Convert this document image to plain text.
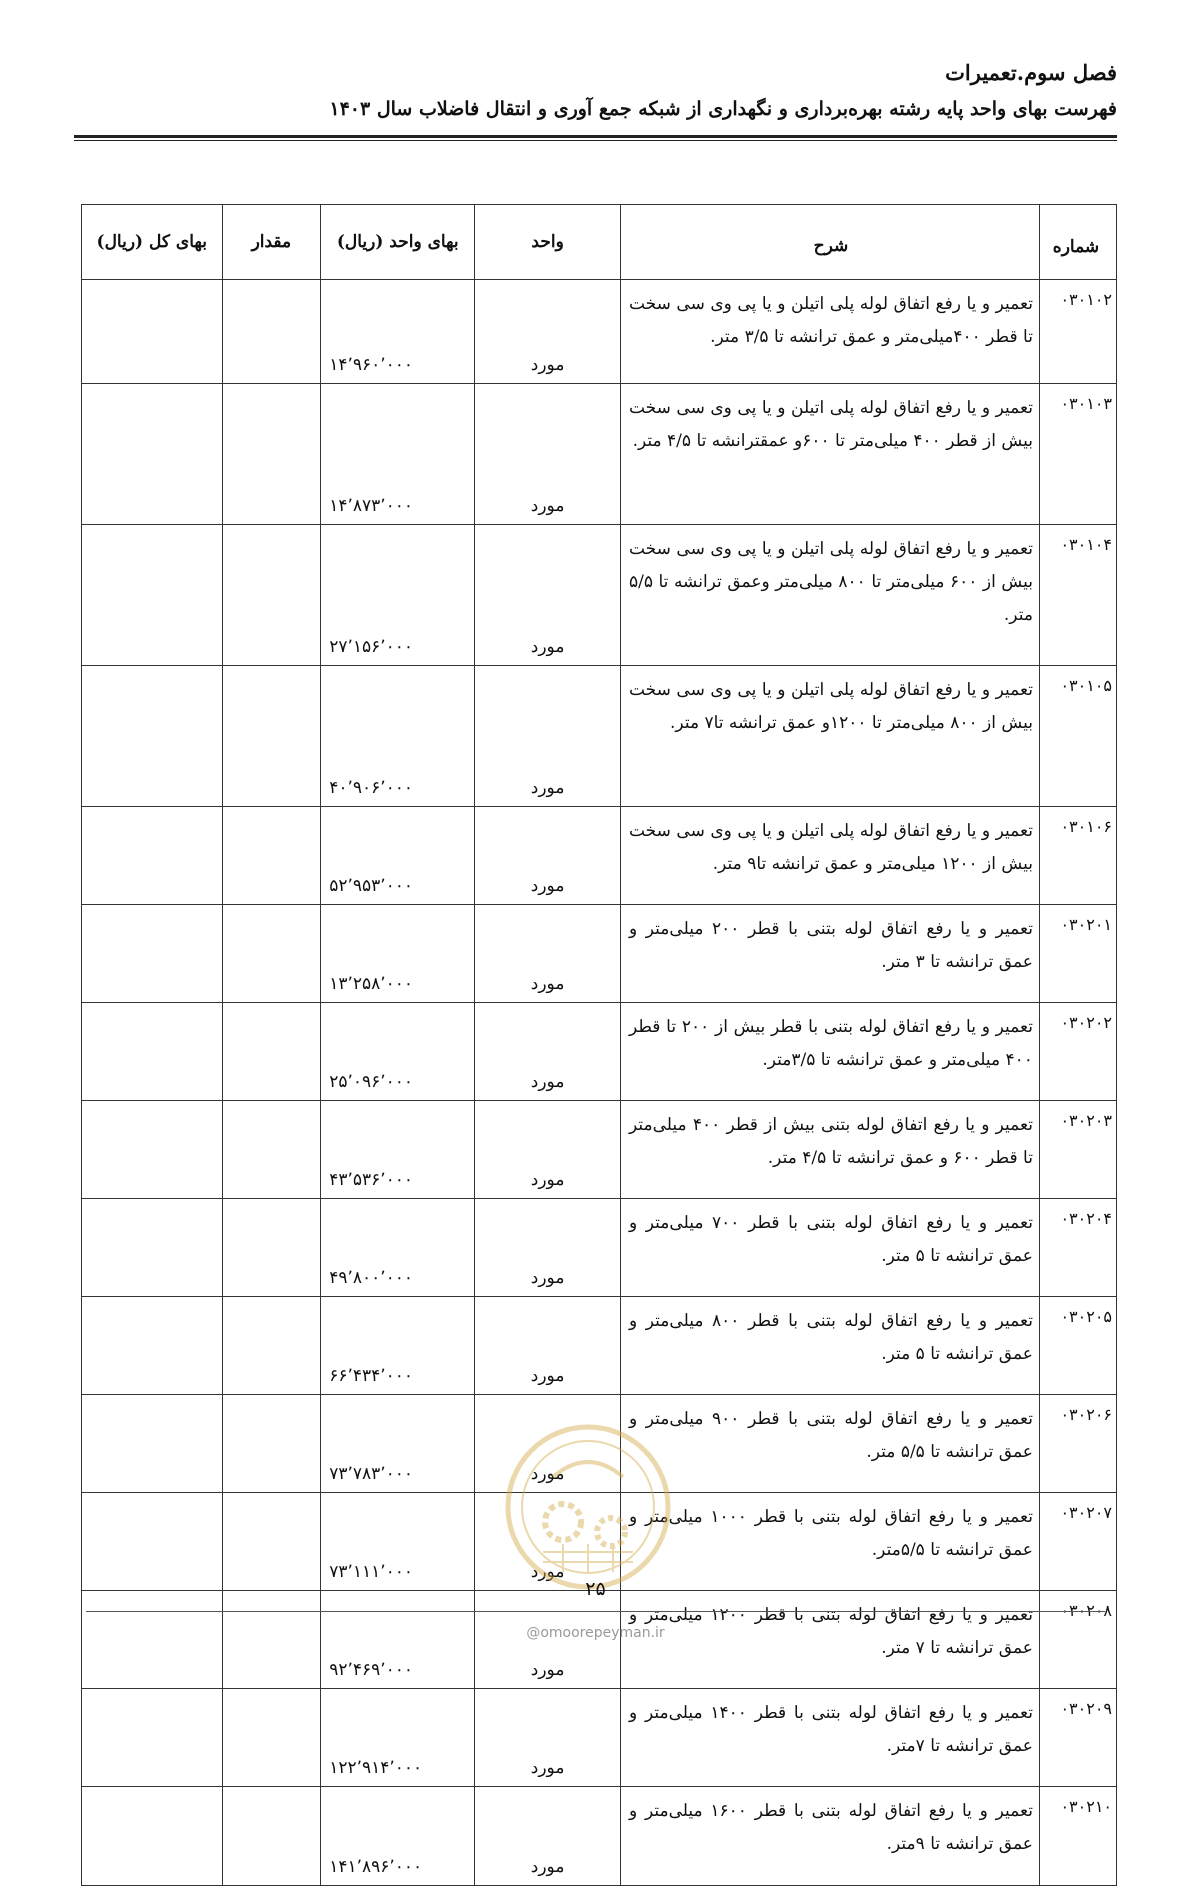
فصل سوم.تعمیرات
فهرست بهای واحد پایه رشته بهره‌برداری و نگهداری از شبکه جمع آوری و انتقال فاضلاب سال ۱۴۰۳
شماره	شرح	واحد	بهای واحد (ریال)	مقدار	بهای کل (ریال)
۰۳۰۱۰۲	تعمیر و یا رفع اتفاق لوله پلی اتیلن و یا پی وی سی سخت تا قطر ۴۰۰میلی‌متر و عمق ترانشه تا ۳/۵ متر.	مورد	۱۴٬۹۶۰٬۰۰۰		
۰۳۰۱۰۳	تعمیر و یا رفع اتفاق لوله پلی اتیلن و یا پی وی سی سخت بیش از قطر ۴۰۰ میلی‌متر تا ۶۰۰و عمقترانشه تا ۴/۵ متر.	مورد	۱۴٬۸۷۳٬۰۰۰		
۰۳۰۱۰۴	تعمیر و یا رفع اتفاق لوله پلی اتیلن و یا پی وی سی سخت بیش از ۶۰۰ میلی‌متر تا ۸۰۰ میلی‌متر وعمق ترانشه تا ۵/۵ متر.	مورد	۲۷٬۱۵۶٬۰۰۰		
۰۳۰۱۰۵	تعمیر و یا رفع اتفاق لوله پلی اتیلن و یا پی وی سی سخت بیش از ۸۰۰ میلی‌متر تا ۱۲۰۰و عمق ترانشه تا۷ متر.	مورد	۴۰٬۹۰۶٬۰۰۰		
۰۳۰۱۰۶	تعمیر و یا رفع اتفاق لوله پلی اتیلن و یا پی وی سی سخت بیش از ۱۲۰۰ میلی‌متر و عمق ترانشه تا۹ متر.	مورد	۵۲٬۹۵۳٬۰۰۰		
۰۳۰۲۰۱	تعمیر و یا رفع اتفاق لوله بتنی با قطر ۲۰۰ میلی‌متر و عمق ترانشه تا ۳ متر.	مورد	۱۳٬۲۵۸٬۰۰۰		
۰۳۰۲۰۲	تعمیر و یا رفع اتفاق لوله بتنی با قطر بیش از ۲۰۰ تا قطر ۴۰۰ میلی‌متر و عمق ترانشه تا ۳/۵متر.	مورد	۲۵٬۰۹۶٬۰۰۰		
۰۳۰۲۰۳	تعمیر و یا رفع اتفاق لوله بتنی بیش از قطر ۴۰۰ میلی‌متر تا قطر ۶۰۰ و عمق ترانشه تا ۴/۵ متر.	مورد	۴۳٬۵۳۶٬۰۰۰		
۰۳۰۲۰۴	تعمیر و یا رفع اتفاق لوله بتنی با قطر ۷۰۰ میلی‌متر و عمق ترانشه تا ۵ متر.	مورد	۴۹٬۸۰۰٬۰۰۰		
۰۳۰۲۰۵	تعمیر و یا رفع اتفاق لوله بتنی با قطر ۸۰۰ میلی‌متر و عمق ترانشه تا ۵ متر.	مورد	۶۶٬۴۳۴٬۰۰۰		
۰۳۰۲۰۶	تعمیر و یا رفع اتفاق لوله بتنی با قطر ۹۰۰ میلی‌متر و عمق ترانشه تا ۵/۵ متر.	مورد	۷۳٬۷۸۳٬۰۰۰		
۰۳۰۲۰۷	تعمیر و یا رفع اتفاق لوله بتنی با قطر ۱۰۰۰ میلی‌متر و عمق ترانشه تا ۵/۵متر.	مورد	۷۳٬۱۱۱٬۰۰۰		
۰۳۰۲۰۸	تعمیر و یا رفع اتفاق لوله بتنی با قطر ۱۲۰۰ میلی‌متر و عمق ترانشه تا ۷ متر.	مورد	۹۲٬۴۶۹٬۰۰۰		
۰۳۰۲۰۹	تعمیر و یا رفع اتفاق لوله بتنی با قطر ۱۴۰۰ میلی‌متر و عمق ترانشه تا ۷متر.	مورد	۱۲۲٬۹۱۴٬۰۰۰		
۰۳۰۲۱۰	تعمیر و یا رفع اتفاق لوله بتنی با قطر ۱۶۰۰ میلی‌متر و عمق ترانشه تا ۹متر.	مورد	۱۴۱٬۸۹۶٬۰۰۰		
۲۵
@omoorepeyman.ir
